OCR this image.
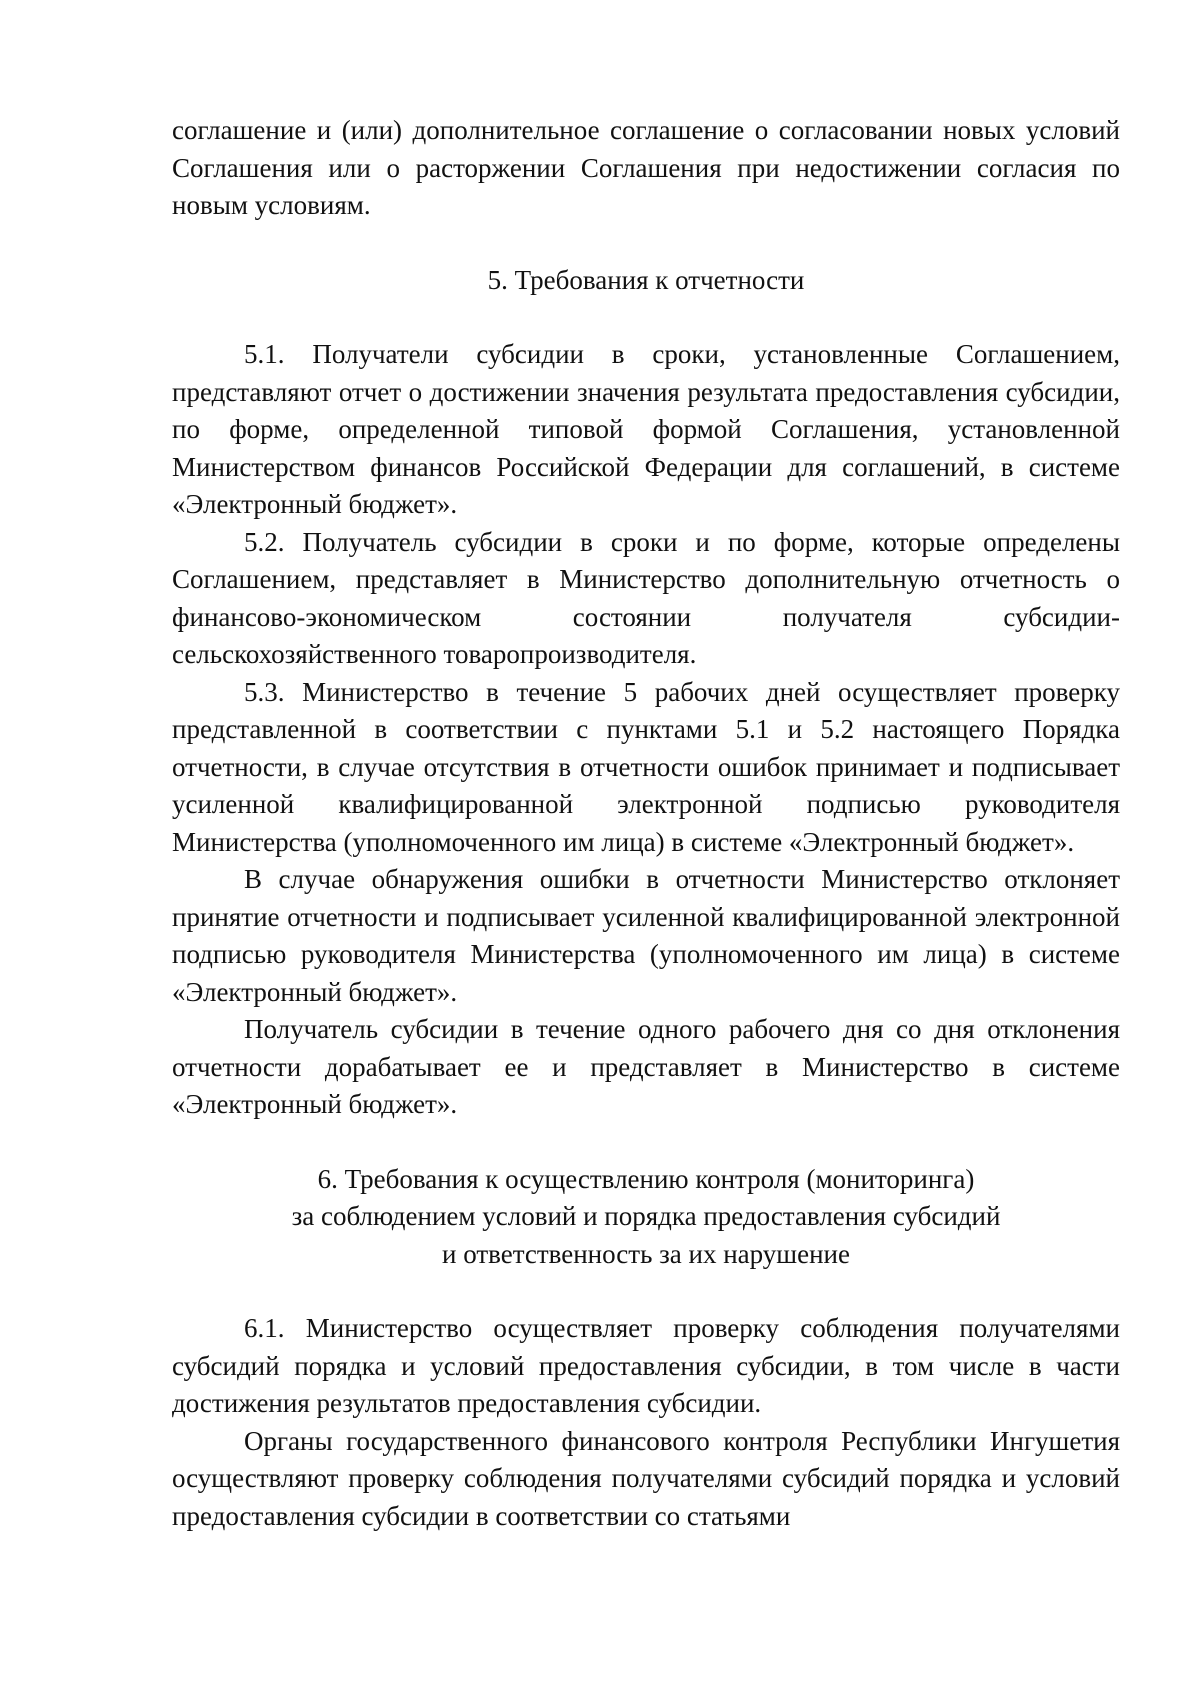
соглашение и (или) дополнительное соглашение о согласовании новых условий Соглашения или о расторжении Соглашения при недостижении согласия по новым условиям.

5. Требования к отчетности

5.1. Получатели субсидии в сроки, установленные Соглашением, представляют отчет о достижении значения результата предоставления субсидии, по форме, определенной типовой формой Соглашения, установленной Министерством финансов Российской Федерации для соглашений, в системе «Электронный бюджет».

5.2. Получатель субсидии в сроки и по форме, которые определены Соглашением, представляет в Министерство дополнительную отчетность о финансово-экономическом состоянии получателя субсидии-сельскохозяйственного товаропроизводителя.

5.3. Министерство в течение 5 рабочих дней осуществляет проверку представленной в соответствии с пунктами 5.1 и 5.2 настоящего Порядка отчетности, в случае отсутствия в отчетности ошибок принимает и подписывает усиленной квалифицированной электронной подписью руководителя Министерства (уполномоченного им лица) в системе «Электронный бюджет».

В случае обнаружения ошибки в отчетности Министерство отклоняет принятие отчетности и подписывает усиленной квалифицированной электронной подписью руководителя Министерства (уполномоченного им лица) в системе «Электронный бюджет».

Получатель субсидии в течение одного рабочего дня со дня отклонения отчетности дорабатывает ее и представляет в Министерство в системе «Электронный бюджет».

6. Требования к осуществлению контроля (мониторинга)

за соблюдением условий и порядка предоставления субсидий

и ответственность за их нарушение

6.1. Министерство осуществляет проверку соблюдения получателями субсидий порядка и условий предоставления субсидии, в том числе в части достижения результатов предоставления субсидии.

Органы государственного финансового контроля Республики Ингушетия осуществляют проверку соблюдения получателями субсидий порядка и условий предоставления субсидии в соответствии со статьями
